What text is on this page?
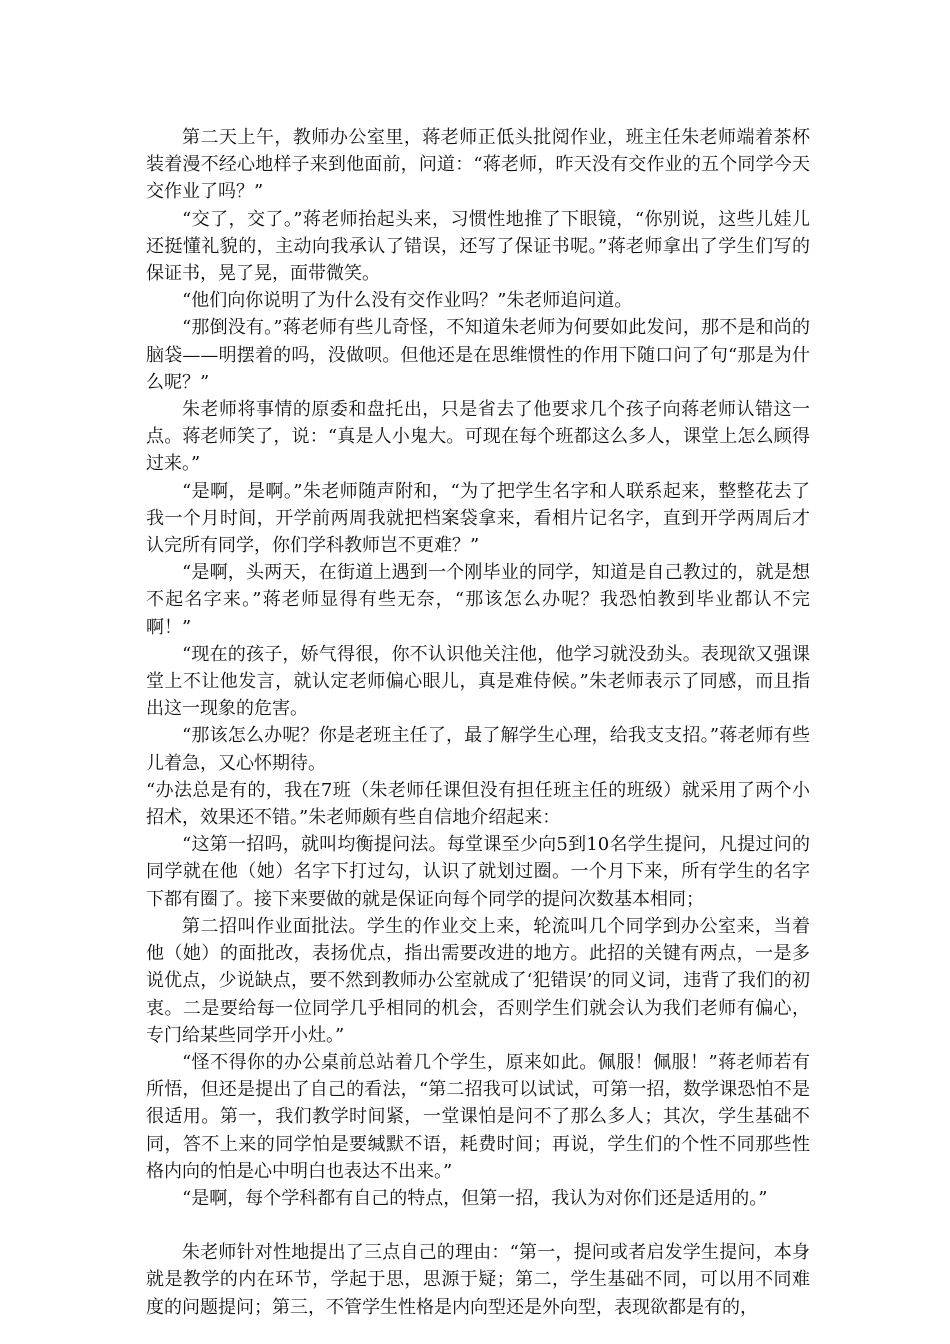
第二天上午，教师办公室里，蒋老师正低头批阅作业，班主任朱老师端着茶杯装着漫不经心地样子来到他面前，问道：“蒋老师，昨天没有交作业的五个同学今天交作业了吗？”

“交了，交了。”蒋老师抬起头来，习惯性地推了下眼镜，“你别说，这些儿娃儿还挺懂礼貌的，主动向我承认了错误，还写了保证书呢。”蒋老师拿出了学生们写的保证书，晃了晃，面带微笑。

“他们向你说明了为什么没有交作业吗？”朱老师追问道。

“那倒没有。”蒋老师有些儿奇怪，不知道朱老师为何要如此发问，那不是和尚的脑袋——明摆着的吗，没做呗。但他还是在思维惯性的作用下随口问了句“那是为什么呢？”

朱老师将事情的原委和盘托出，只是省去了他要求几个孩子向蒋老师认错这一点。蒋老师笑了，说：“真是人小鬼大。可现在每个班都这么多人，课堂上怎么顾得过来。”

“是啊，是啊。”朱老师随声附和，“为了把学生名字和人联系起来，整整花去了我一个月时间，开学前两周我就把档案袋拿来，看相片记名字，直到开学两周后才认完所有同学，你们学科教师岂不更难？”

“是啊，头两天，在街道上遇到一个刚毕业的同学，知道是自己教过的，就是想不起名字来。”蒋老师显得有些无奈，“那该怎么办呢？我恐怕教到毕业都认不完啊！”

“现在的孩子，娇气得很，你不认识他关注他，他学习就没劲头。表现欲又强课堂上不让他发言，就认定老师偏心眼儿，真是难侍候。”朱老师表示了同感，而且指出这一现象的危害。

“那该怎么办呢？你是老班主任了，最了解学生心理，给我支支招。”蒋老师有些儿着急，又心怀期待。

“办法总是有的，我在7班（朱老师任课但没有担任班主任的班级）就采用了两个小招术，效果还不错。”朱老师颇有些自信地介绍起来：

“这第一招吗，就叫均衡提问法。每堂课至少向5到10名学生提问，凡提过问的同学就在他（她）名字下打过勾，认识了就划过圈。一个月下来，所有学生的名字下都有圈了。接下来要做的就是保证向每个同学的提问次数基本相同；

第二招叫作业面批法。学生的作业交上来，轮流叫几个同学到办公室来，当着他（她）的面批改，表扬优点，指出需要改进的地方。此招的关键有两点，一是多说优点，少说缺点，要不然到教师办公室就成了‘犯错误’的同义词，违背了我们的初衷。二是要给每一位同学几乎相同的机会，否则学生们就会认为我们老师有偏心，专门给某些同学开小灶。”

“怪不得你的办公桌前总站着几个学生，原来如此。佩服！佩服！”蒋老师若有所悟，但还是提出了自己的看法，“第二招我可以试试，可第一招，数学课恐怕不是很适用。第一，我们教学时间紧，一堂课怕是问不了那么多人；其次，学生基础不同，答不上来的同学怕是要缄默不语，耗费时间；再说，学生们的个性不同那些性格内向的怕是心中明白也表达不出来。”

“是啊，每个学科都有自己的特点，但第一招，我认为对你们还是适用的。”

朱老师针对性地提出了三点自己的理由：“第一，提问或者启发学生提问，本身就是教学的内在环节，学起于思，思源于疑；第二，学生基础不同，可以用不同难度的问题提问；第三，不管学生性格是内向型还是外向型，表现欲都是有的，
